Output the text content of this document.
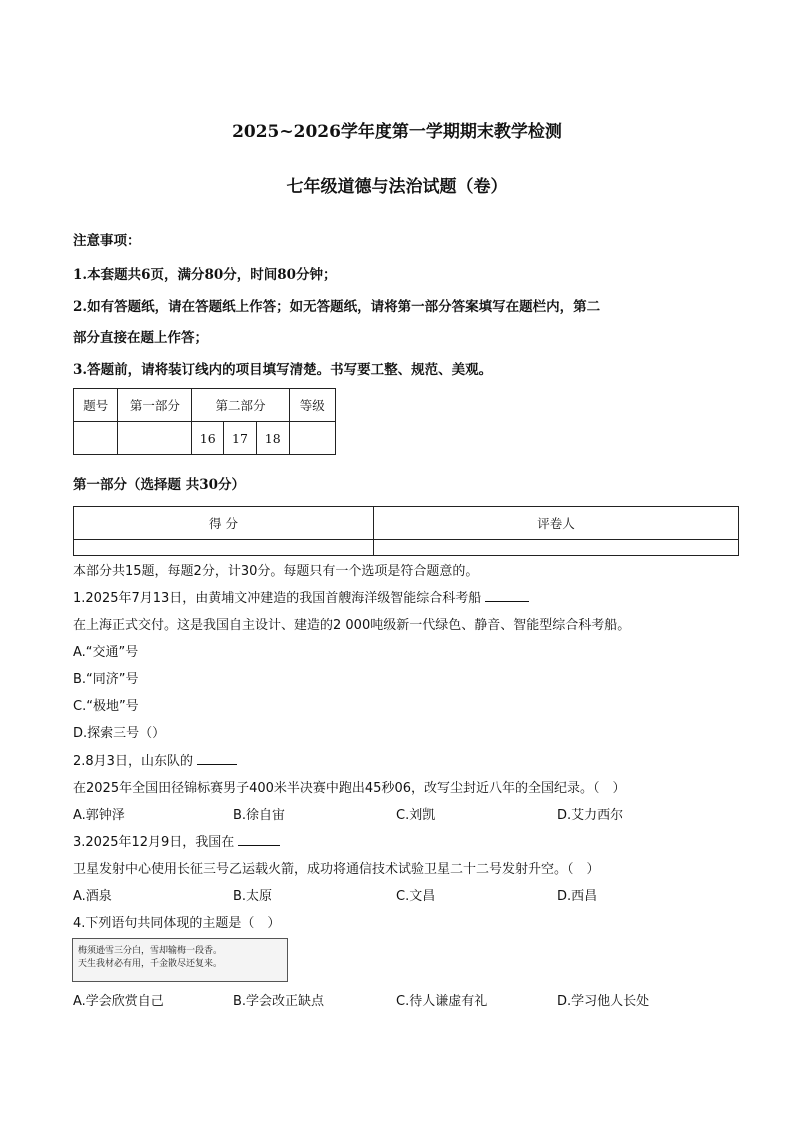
2025~2026学年度第一学期期末教学检测
七年级道德与法治试题（卷）
注意事项：
1.本套题共6页，满分80分，时间80分钟；
2.如有答题纸，请在答题纸上作答；如无答题纸，请将第一部分答案填写在题栏内，第二
部分直接在题上作答；
3.答题前，请将装订线内的项目填写清楚。书写要工整、规范、美观。
题号	第一部分	第二部分			等级
		16	17	18	
第一部分（选择题 共30分）
得 分	评卷人

本部分共15题，每题2分，计30分。每题只有一个选项是符合题意的。
1.2025年7月13日，由黄埔文冲建造的我国首艘海洋级智能综合科考船
在上海正式交付。这是我国自主设计、建造的2 000吨级新一代绿色、静音、智能型综合科考船。
A.“交通”号
B.“同济”号
C.“极地”号
D.探索三号（）
2.8月3日，山东队的
在2025年全国田径锦标赛男子400米半决赛中跑出45秒06，改写尘封近八年的全国纪录。（　）
A.郭钟泽	B.徐自宙	C.刘凯	D.艾力西尔
3.2025年12月9日，我国在
卫星发射中心使用长征三号乙运载火箭，成功将通信技术试验卫星二十二号发射升空。（　）
A.酒泉	B.太原	C.文昌	D.西昌
4.下列语句共同体现的主题是（　）
梅须逊雪三分白，雪却输梅一段香。
天生我材必有用，千金散尽还复来。
A.学会欣赏自己	B.学会改正缺点	C.待人谦虚有礼	D.学习他人长处
